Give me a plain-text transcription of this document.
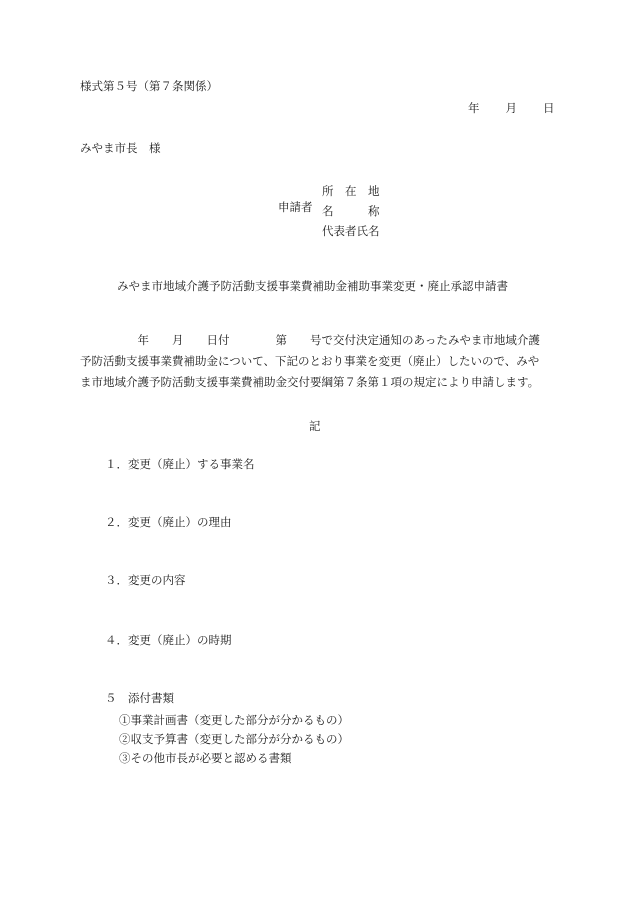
様式第５号（第７条関係）
年 月 日
みやま市長　様
申請者
所　在　地
名　　　称
代表者氏名
みやま市地域介護予防活動支援事業費補助金補助事業変更・廃止承認申請書
　　　　　年　　月　　日付　　　　第　　号で交付決定通知のあったみやま市地域介護
予防活動支援事業費補助金について、下記のとおり事業を変更（廃止）したいので、みや
ま市地域介護予防活動支援事業費補助金交付要綱第７条第１項の規定により申請します。
記
１．変更（廃止）する事業名
２．変更（廃止）の理由
３．変更の内容
４．変更（廃止）の時期
５　添付書類
①事業計画書（変更した部分が分かるもの）
②収支予算書（変更した部分が分かるもの）
③その他市長が必要と認める書類
